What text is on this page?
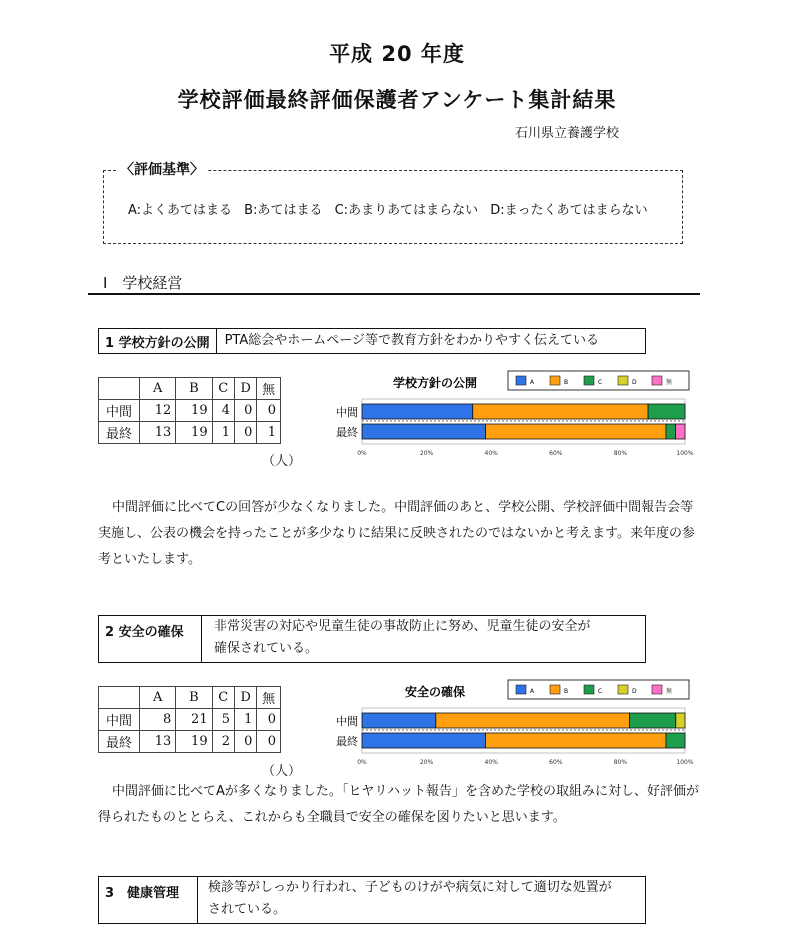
平成 20 年度
学校評価最終評価保護者アンケート集計結果
石川県立養護学校
〈評価基準〉
A:よくあてはまる B:あてはまる C:あまりあてはまらない D:まったくあてはまらない
Ⅰ　学校経営
1 学校方針の公開	PTA総会やホームページ等で教育方針をわかりやすく伝えている
	A	B	C	D	無
中間	12	19	4	0	0
最終	13	19	1	0	1
（人）
学校方針の公開	A	B	C	D	無
中間
最終
0%	20%	40%	60%	80%	100%
中間評価に比べてCの回答が少なくなりました。中間評価のあと、学校公開、学校評価中間報告会等実施し、公表の機会を持ったことが多少なりに結果に反映されたのではないかと考えます。来年度の参考といたします。
2 安全の確保	非常災害の対応や児童生徒の事故防止に努め、児童生徒の安全が
確保されている。
	A	B	C	D	無
中間	8	21	5	1	0
最終	13	19	2	0	0
（人）
安全の確保	A	B	C	D	無
中間
最終
0%	20%	40%	60%	80%	100%
中間評価に比べてAが多くなりました。「ヒヤリハット報告」を含めた学校の取組みに対し、好評価が得られたものととらえ、これからも全職員で安全の確保を図りたいと思います。
3　健康管理	検診等がしっかり行われ、子どものけがや病気に対して適切な処置が
されている。
